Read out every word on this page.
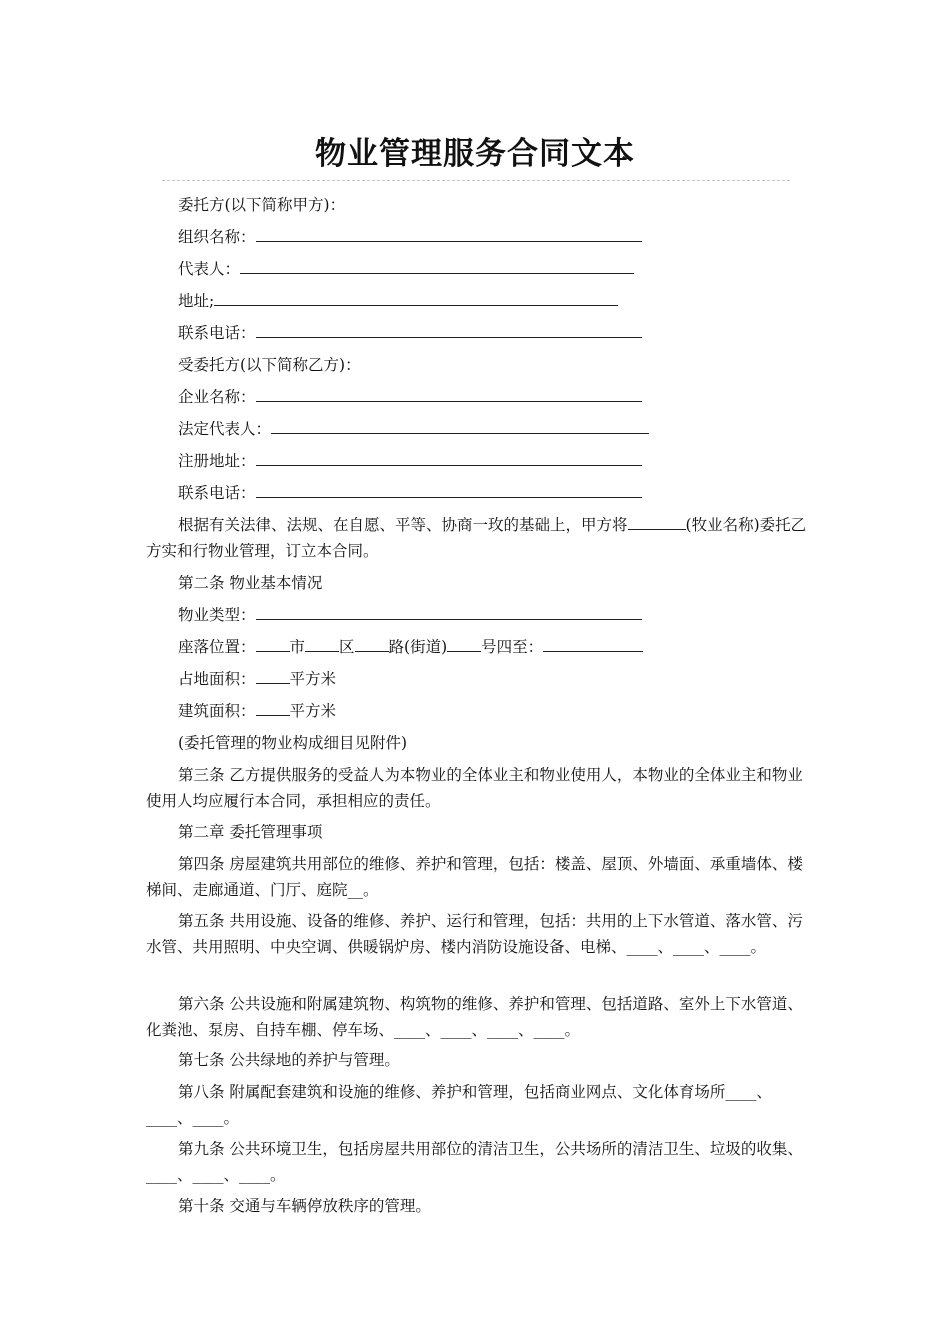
物业管理服务合同文本
委托方(以下简称甲方)：
组织名称：
代表人：
地址;
联系电话：
受委托方(以下简称乙方)：
企业名称：
法定代表人：
注册地址：
联系电话：
根据有关法律、法规、在自愿、平等、协商一玫的基础上，甲方将	(牧业名称)委托乙方实和行物业管理，订立本合同。
第二条 物业基本情况
物业类型：
座落位置： 市 区 路(街道) 号四至：
占地面积： 平方米
建筑面积： 平方米
(委托管理的物业构成细目见附件)
第三条 乙方提供服务的受益人为本物业的全体业主和物业使用人，本物业的全体业主和物业使用人均应履行本合同，承担相应的责任。
第二章 委托管理事项
第四条 房屋建筑共用部位的维修、养护和管理，包括：楼盖、屋顶、外墙面、承重墙体、楼梯间、走廊通道、门厅、庭院__。
第五条 共用设施、设备的维修、养护、运行和管理，包括：共用的上下水管道、落水管、污水管、共用照明、中央空调、供暖锅炉房、楼内消防设施设备、电梯、____、____、____。
第六条 公共设施和附属建筑物、构筑物的维修、养护和管理、包括道路、室外上下水管道、化粪池、泵房、自持车棚、停车场、____、____、____、____。
第七条 公共绿地的养护与管理。
第八条 附属配套建筑和设施的维修、养护和管理，包括商业网点、文化体育场所____、____、____。
第九条 公共环境卫生，包括房屋共用部位的清洁卫生，公共场所的清洁卫生、垃圾的收集、____、____、____。
第十条 交通与车辆停放秩序的管理。
